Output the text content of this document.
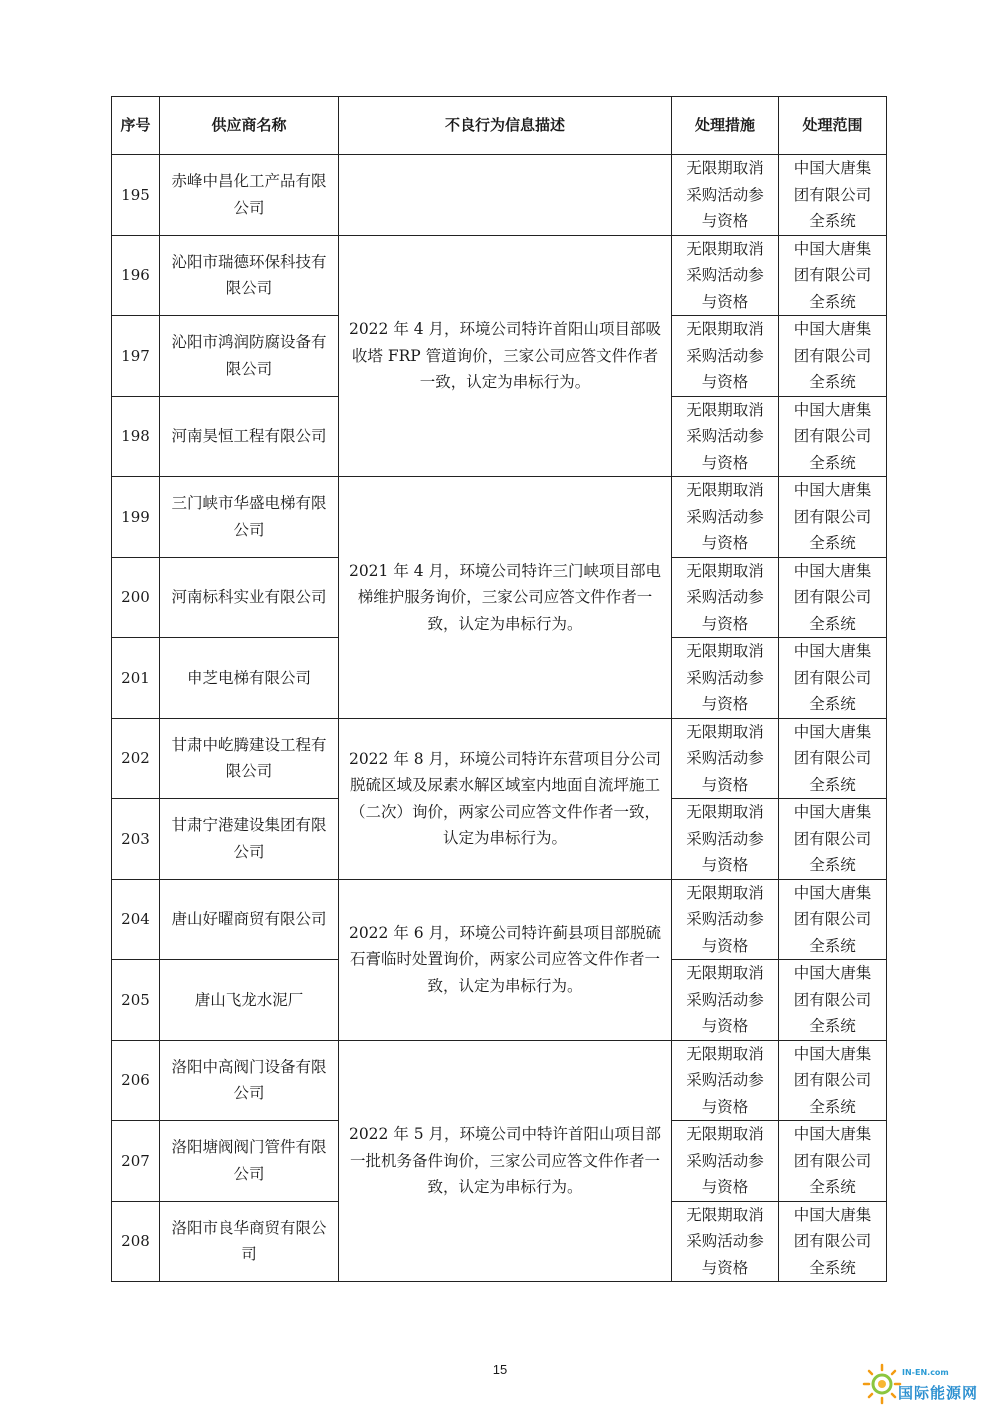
序号	供应商名称	不良行为信息描述	处理措施	处理范围
195	赤峰中昌化工产品有限公司		无限期取消采购活动参与资格	中国大唐集团有限公司全系统
196	沁阳市瑞德环保科技有限公司	2022 年 4 月，环境公司特许首阳山项目部吸收塔 FRP 管道询价，三家公司应答文件作者一致，认定为串标行为。	无限期取消采购活动参与资格	中国大唐集团有限公司全系统
197	沁阳市鸿润防腐设备有限公司		无限期取消采购活动参与资格	中国大唐集团有限公司全系统
198	河南昊恒工程有限公司		无限期取消采购活动参与资格	中国大唐集团有限公司全系统
199	三门峡市华盛电梯有限公司	2021 年 4 月，环境公司特许三门峡项目部电梯维护服务询价，三家公司应答文件作者一致，认定为串标行为。	无限期取消采购活动参与资格	中国大唐集团有限公司全系统
200	河南标科实业有限公司		无限期取消采购活动参与资格	中国大唐集团有限公司全系统
201	申芝电梯有限公司		无限期取消采购活动参与资格	中国大唐集团有限公司全系统
202	甘肃中屹腾建设工程有限公司	2022 年 8 月，环境公司特许东营项目分公司脱硫区域及尿素水解区域室内地面自流坪施工（二次）询价，两家公司应答文件作者一致，认定为串标行为。	无限期取消采购活动参与资格	中国大唐集团有限公司全系统
203	甘肃宁港建设集团有限公司		无限期取消采购活动参与资格	中国大唐集团有限公司全系统
204	唐山好曜商贸有限公司	2022 年 6 月，环境公司特许蓟县项目部脱硫石膏临时处置询价，两家公司应答文件作者一致，认定为串标行为。	无限期取消采购活动参与资格	中国大唐集团有限公司全系统
205	唐山飞龙水泥厂		无限期取消采购活动参与资格	中国大唐集团有限公司全系统
206	洛阳中高阀门设备有限公司	2022 年 5 月，环境公司中特许首阳山项目部一批机务备件询价，三家公司应答文件作者一致，认定为串标行为。	无限期取消采购活动参与资格	中国大唐集团有限公司全系统
207	洛阳塘阀阀门管件有限公司		无限期取消采购活动参与资格	中国大唐集团有限公司全系统
208	洛阳市良华商贸有限公司		无限期取消采购活动参与资格	中国大唐集团有限公司全系统
15	IN-EN.com
国际能源网
